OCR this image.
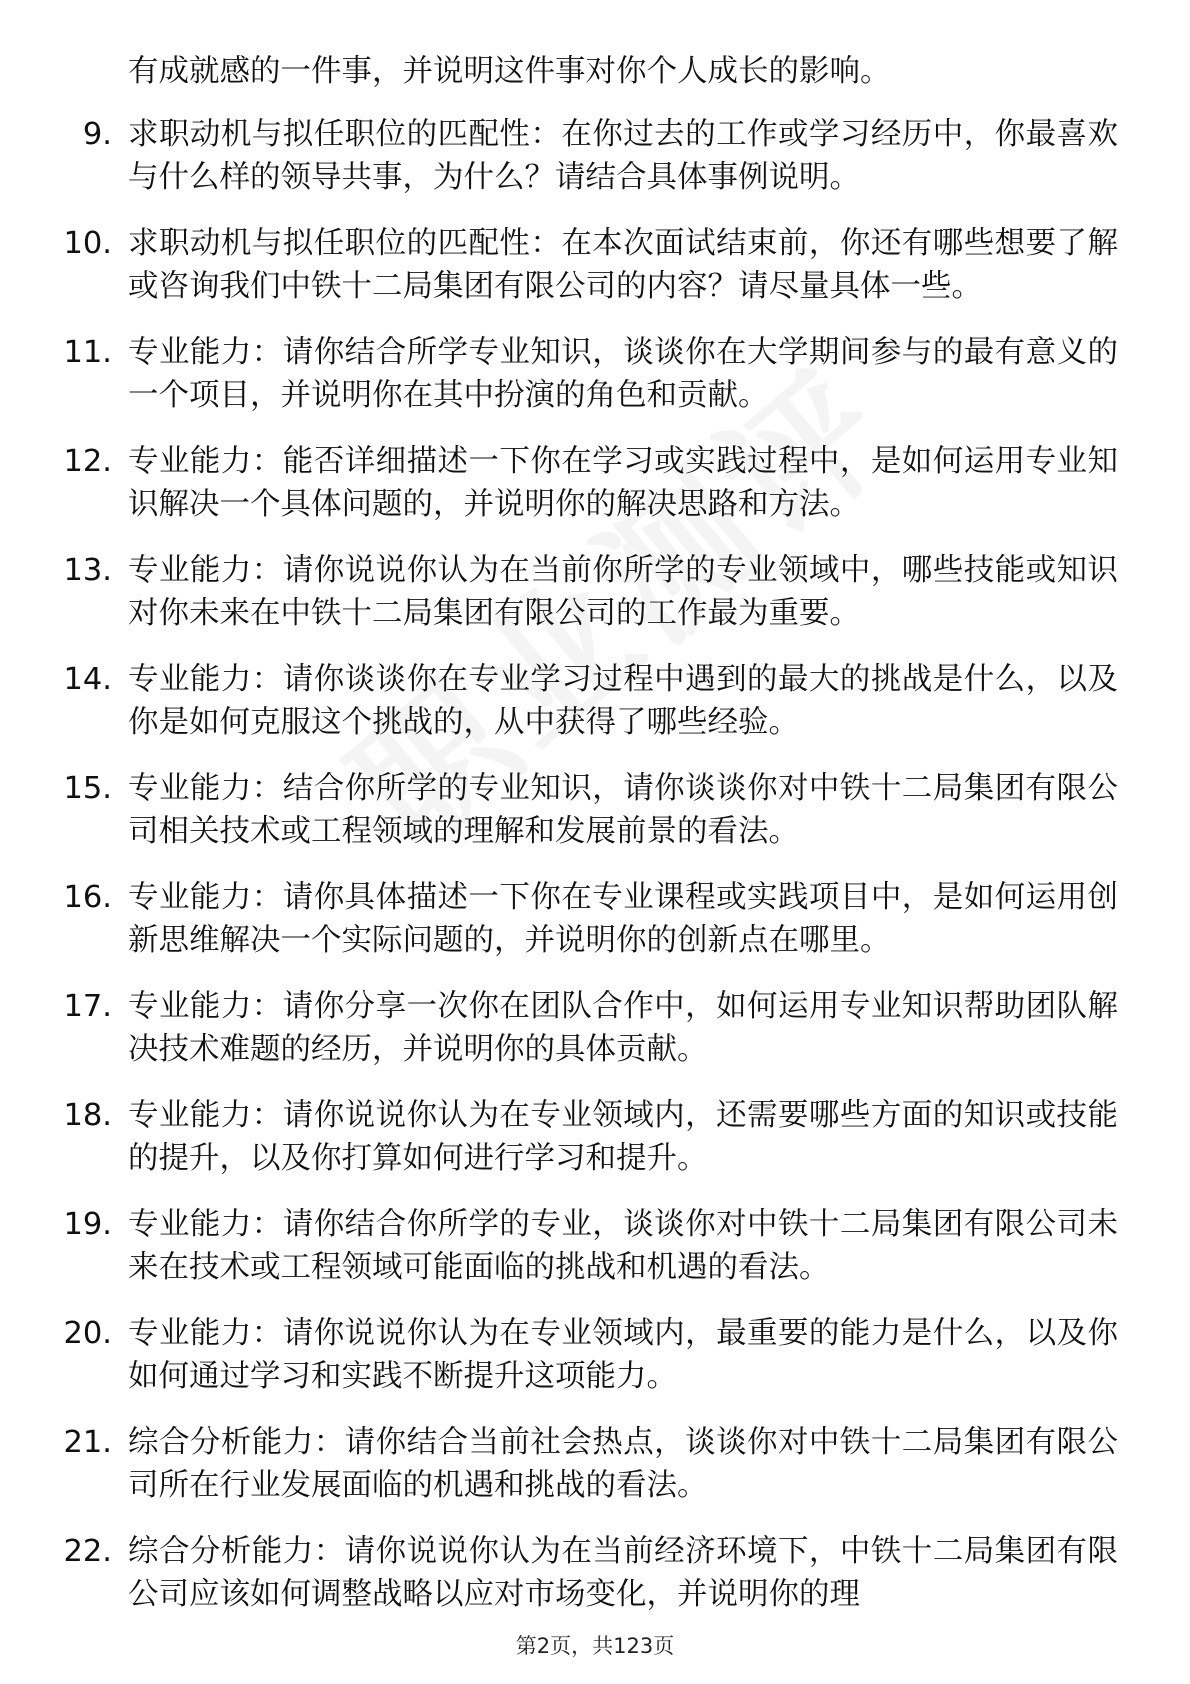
有成就感的一件事，并说明这件事对你个人成长的影响。
9. 求职动机与拟任职位的匹配性：在你过去的工作或学习经历中，你最喜欢与什么样的领导共事，为什么？请结合具体事例说明。
10. 求职动机与拟任职位的匹配性：在本次面试结束前，你还有哪些想要了解或咨询我们中铁十二局集团有限公司的内容？请尽量具体一些。
11. 专业能力：请你结合所学专业知识，谈谈你在大学期间参与的最有意义的一个项目，并说明你在其中扮演的角色和贡献。
12. 专业能力：能否详细描述一下你在学习或实践过程中，是如何运用专业知识解决一个具体问题的，并说明你的解决思路和方法。
13. 专业能力：请你说说你认为在当前你所学的专业领域中，哪些技能或知识对你未来在中铁十二局集团有限公司的工作最为重要。
14. 专业能力：请你谈谈你在专业学习过程中遇到的最大的挑战是什么，以及你是如何克服这个挑战的，从中获得了哪些经验。
15. 专业能力：结合你所学的专业知识，请你谈谈你对中铁十二局集团有限公司相关技术或工程领域的理解和发展前景的看法。
16. 专业能力：请你具体描述一下你在专业课程或实践项目中，是如何运用创新思维解决一个实际问题的，并说明你的创新点在哪里。
17. 专业能力：请你分享一次你在团队合作中，如何运用专业知识帮助团队解决技术难题的经历，并说明你的具体贡献。
18. 专业能力：请你说说你认为在专业领域内，还需要哪些方面的知识或技能的提升，以及你打算如何进行学习和提升。
19. 专业能力：请你结合你所学的专业，谈谈你对中铁十二局集团有限公司未来在技术或工程领域可能面临的挑战和机遇的看法。
20. 专业能力：请你说说你认为在专业领域内，最重要的能力是什么，以及你如何通过学习和实践不断提升这项能力。
21. 综合分析能力：请你结合当前社会热点，谈谈你对中铁十二局集团有限公司所在行业发展面临的机遇和挑战的看法。
22. 综合分析能力：请你说说你认为在当前经济环境下，中铁十二局集团有限公司应该如何调整战略以应对市场变化，并说明你的理
第2页，共123页
